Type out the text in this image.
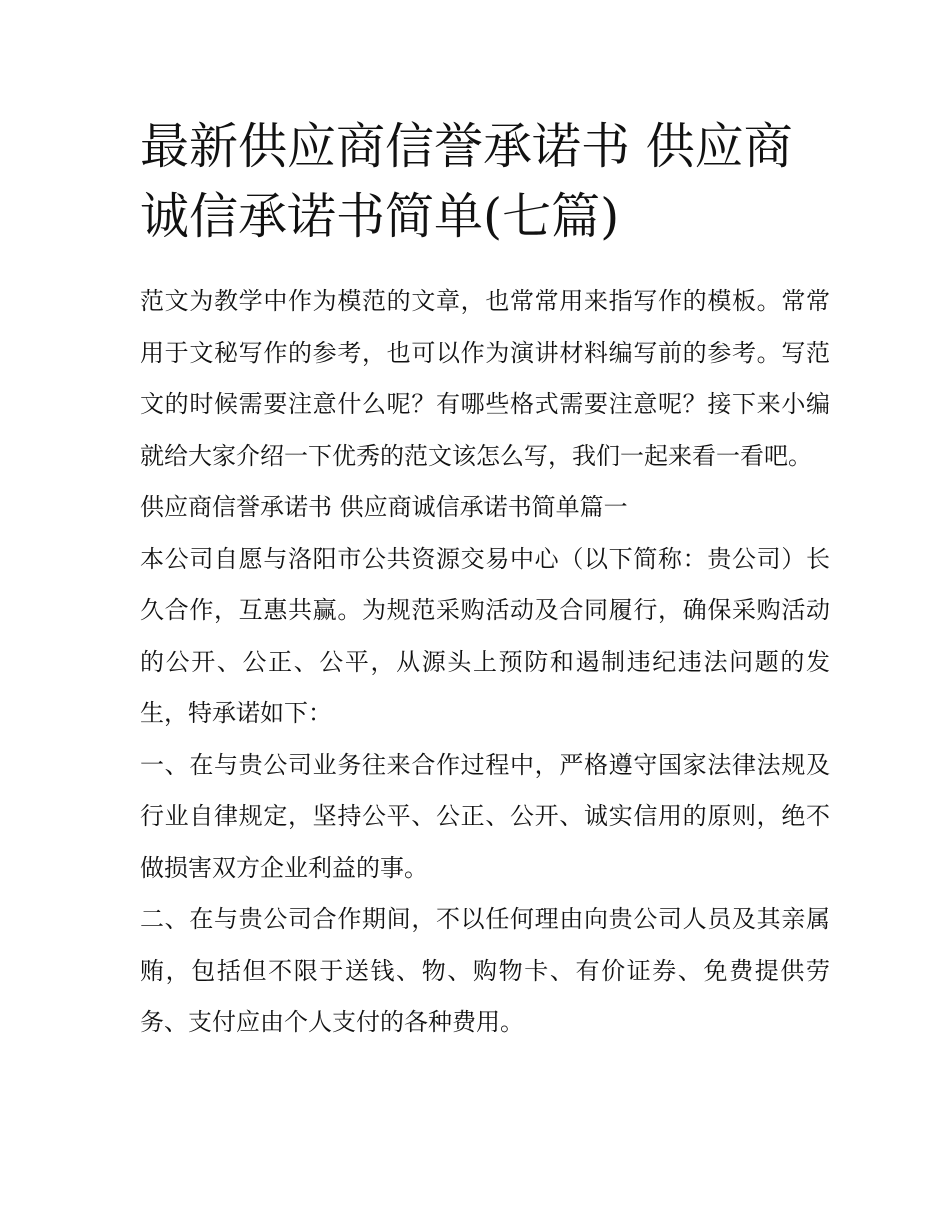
最新供应商信誉承诺书 供应商诚信承诺书简单(七篇)

范文为教学中作为模范的文章，也常常用来指写作的模板。常常用于文秘写作的参考，也可以作为演讲材料编写前的参考。写范文的时候需要注意什么呢？有哪些格式需要注意呢？接下来小编就给大家介绍一下优秀的范文该怎么写，我们一起来看一看吧。

供应商信誉承诺书 供应商诚信承诺书简单篇一

本公司自愿与洛阳市公共资源交易中心（以下简称：贵公司）长久合作，互惠共赢。为规范采购活动及合同履行，确保采购活动的公开、公正、公平，从源头上预防和遏制违纪违法问题的发生，特承诺如下：

一、在与贵公司业务往来合作过程中，严格遵守国家法律法规及行业自律规定，坚持公平、公正、公开、诚实信用的原则，绝不做损害双方企业利益的事。

二、在与贵公司合作期间，不以任何理由向贵公司人员及其亲属贿，包括但不限于送钱、物、购物卡、有价证券、免费提供劳务、支付应由个人支付的各种费用。
